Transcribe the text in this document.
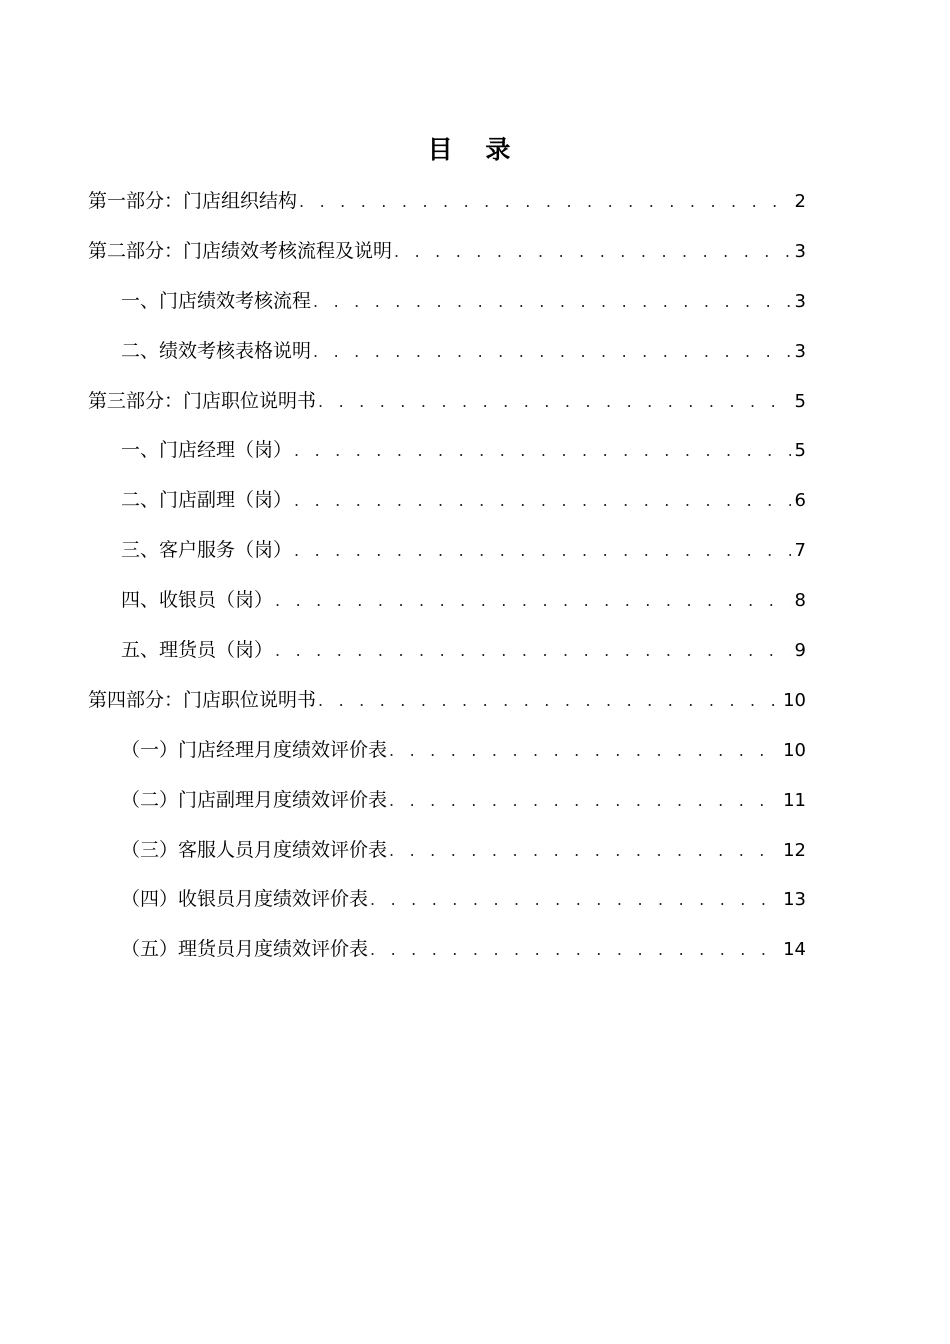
目 录
第一部分：门店组织结构 . . .	2
第二部分：门店绩效考核流程及说明 . . .	3
一、门店绩效考核流程 . . .	3
二、绩效考核表格说明 . . .	3
第三部分：门店职位说明书 . . .	5
一、门店经理（岗） . . .	5
二、门店副理（岗） . . .	6
三、客户服务（岗） . . .	7
四、收银员（岗） . . .	8
五、理货员（岗） . . .	9
第四部分：门店职位说明书 . . .	10
（一）门店经理月度绩效评价表 . . .	10
（二）门店副理月度绩效评价表 . . .	11
（三）客服人员月度绩效评价表 . . .	12
（四）收银员月度绩效评价表 . . .	13
（五）理货员月度绩效评价表 . . .	14
